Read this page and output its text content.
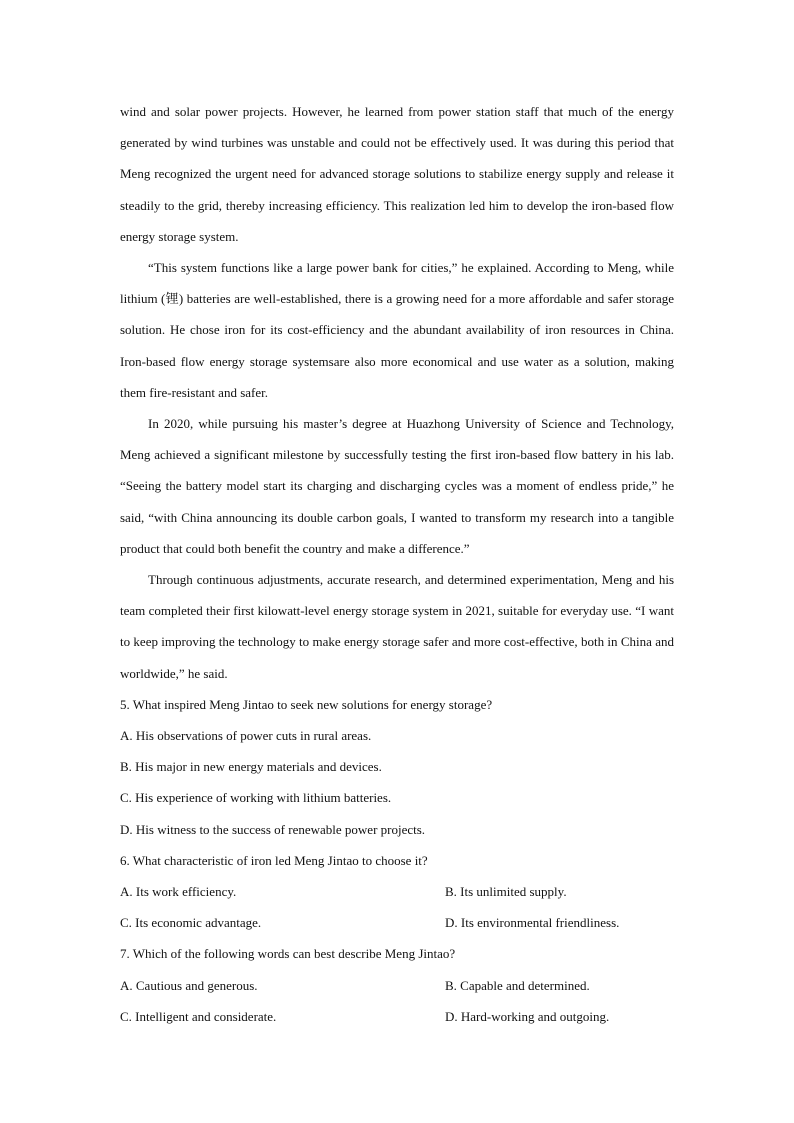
wind and solar power projects. However, he learned from power station staff that much of the energy generated by wind turbines was unstable and could not be effectively used. It was during this period that Meng recognized the urgent need for advanced storage solutions to stabilize energy supply and release it steadily to the grid, thereby increasing efficiency. This realization led him to develop the iron-based flow energy storage system.

“This system functions like a large power bank for cities,” he explained. According to Meng, while lithium (锂) batteries are well-established, there is a growing need for a more affordable and safer storage solution. He chose iron for its cost-efficiency and the abundant availability of iron resources in China. Iron-based flow energy storage systemsare also more economical and use water as a solution, making them fire-resistant and safer.

In 2020, while pursuing his master’s degree at Huazhong University of Science and Technology, Meng achieved a significant milestone by successfully testing the first iron-based flow battery in his lab. “Seeing the battery model start its charging and discharging cycles was a moment of endless pride,” he said, “with China announcing its double carbon goals, I wanted to transform my research into a tangible product that could both benefit the country and make a difference.”

Through continuous adjustments, accurate research, and determined experimentation, Meng and his team completed their first kilowatt-level energy storage system in 2021, suitable for everyday use. “I want to keep improving the technology to make energy storage safer and more cost-effective, both in China and worldwide,” he said.

5. What inspired Meng Jintao to seek new solutions for energy storage?

A. His observations of power cuts in rural areas.

B. His major in new energy materials and devices.

C. His experience of working with lithium batteries.

D. His witness to the success of renewable power projects.

6. What characteristic of iron led Meng Jintao to choose it?

A. Its work efficiency.	B. Its unlimited supply.

C. Its economic advantage.	D. Its environmental friendliness.

7. Which of the following words can best describe Meng Jintao?

A. Cautious and generous.	B. Capable and determined.

C. Intelligent and considerate.	D. Hard-working and outgoing.
